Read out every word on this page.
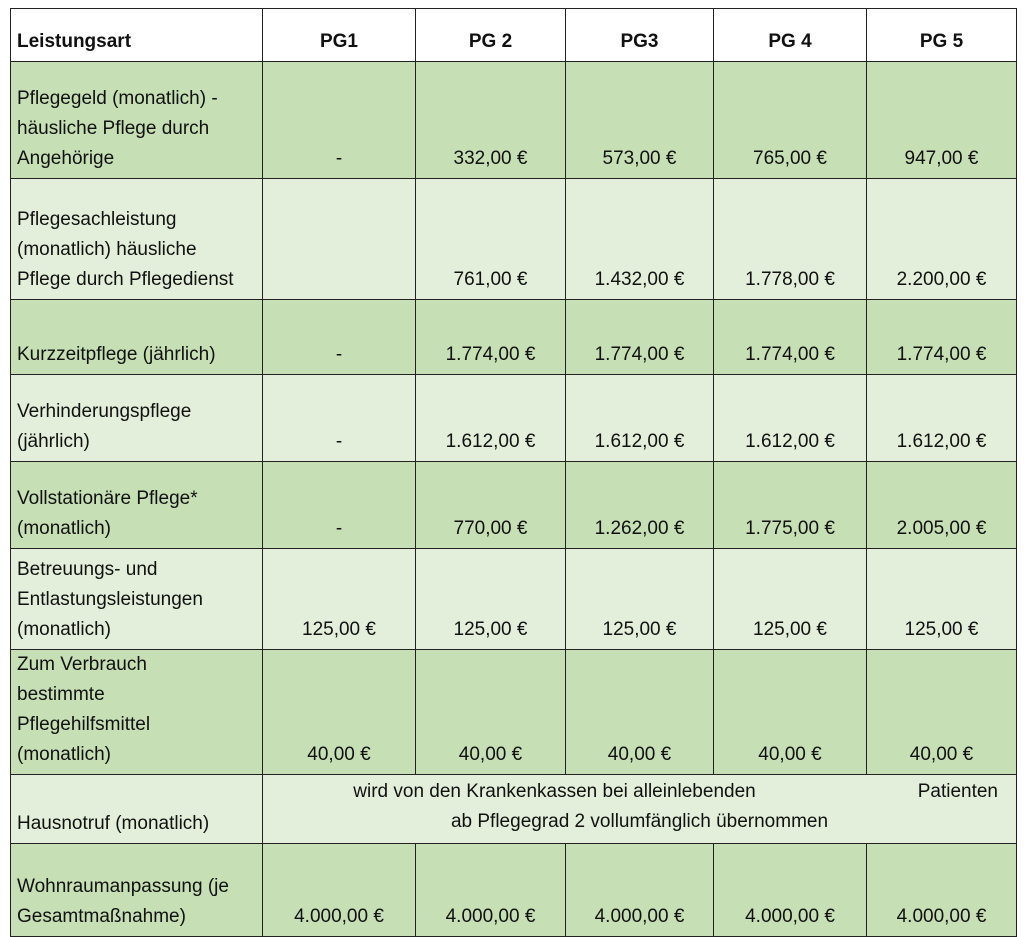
Leistungsart	PG1	PG 2	PG3	PG 4	PG 5
Pflegegeld (monatlich) -
häusliche Pflege durch
Angehörige	-	332,00 €	573,00 €	765,00 €	947,00 €
Pflegesachleistung
(monatlich) häusliche
Pflege durch Pflegedienst		761,00 €	1.432,00 €	1.778,00 €	2.200,00 €
Kurzzeitpflege (jährlich)	-	1.774,00 €	1.774,00 €	1.774,00 €	1.774,00 €
Verhinderungspflege
(jährlich)	-	1.612,00 €	1.612,00 €	1.612,00 €	1.612,00 €
Vollstationäre Pflege*
(monatlich)	-	770,00 €	1.262,00 €	1.775,00 €	2.005,00 €
Betreuungs- und
Entlastungsleistungen
(monatlich)	125,00 €	125,00 €	125,00 €	125,00 €	125,00 €
Zum Verbrauch
bestimmte
Pflegehilfsmittel
(monatlich)	40,00 €	40,00 €	40,00 €	40,00 €	40,00 €
Hausnotruf (monatlich)	wird von den Krankenkassen bei alleinlebenden Patienten
ab Pflegegrad 2 vollumfänglich übernommen				

Wohnraumanpassung (je
Gesamtmaßnahme)	4.000,00 €	4.000,00 €	4.000,00 €	4.000,00 €	4.000,00 €
